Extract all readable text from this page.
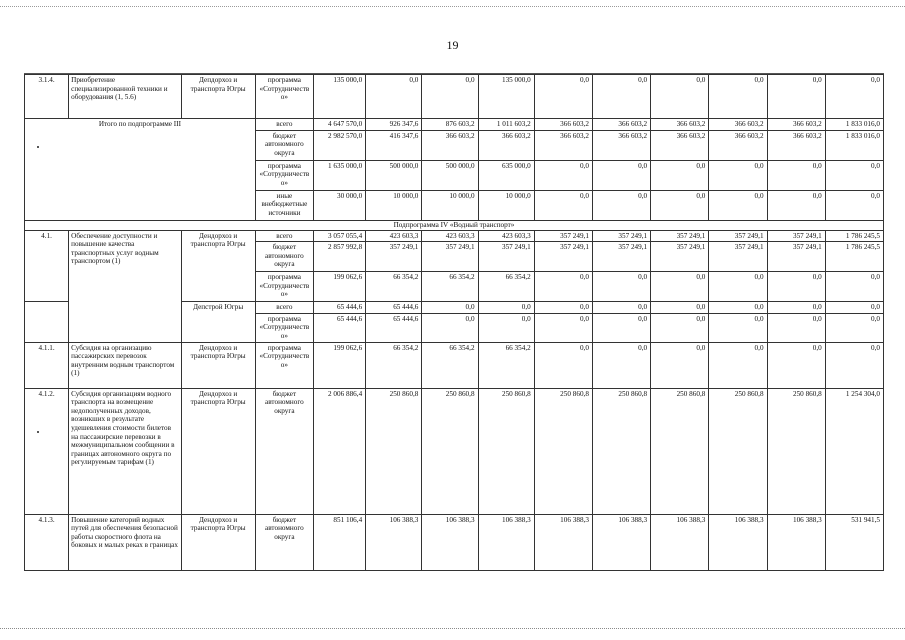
19
3.1.4.	Приобретение специализированной техники и оборудования (1, 5.6)	Депдорхоз и транспорта Югры	программа «Сотрудничество»	135 000,0	0,0	0,0	135 000,0	0,0	0,0	0,0	0,0	0,0	0,0
Итого по подпрограмме III			всего	4 647 570,0	926 347,6	876 603,2	1 011 603,2	366 603,2	366 603,2	366 603,2	366 603,2	366 603,2	1 833 016,0
			бюджет автономного округа	2 982 570,0	416 347,6	366 603,2	366 603,2	366 603,2	366 603,2	366 603,2	366 603,2	366 603,2	1 833 016,0
			программа «Сотрудничество»	1 635 000,0	500 000,0	500 000,0	635 000,0	0,0	0,0	0,0	0,0	0,0	0,0
			иные внебюджетные источники	30 000,0	10 000,0	10 000,0	10 000,0	0,0	0,0	0,0	0,0	0,0	0,0
Подпрограмма IV «Водный транспорт»													
4.1.	Обеспечение доступности и повышение качества транспортных услуг водным транспортом (1)	Дендорхоз и транспорта Югры	всего	3 057 055,4	423 603,3	423 603,3	423 603,3	357 249,1	357 249,1	357 249,1	357 249,1	357 249,1	1 786 245,5
			бюджет автономного округа	2 857 992,8	357 249,1	357 249,1	357 249,1	357 249,1	357 249,1	357 249,1	357 249,1	357 249,1	1 786 245,5
			программа «Сотрудничество»	199 062,6	66 354,2	66 354,2	66 354,2	0,0	0,0	0,0	0,0	0,0	0,0
		Депстрой Югры	всего	65 444,6	65 444,6	0,0	0,0	0,0	0,0	0,0	0,0	0,0	0,0
			программа «Сотрудничество»	65 444,6	65 444,6	0,0	0,0	0,0	0,0	0,0	0,0	0,0	0,0
4.1.1.	Субсидия на организацию пассажирских перевозок внутренним водным транспортом (1)	Дендорхоз и транспорта Югры	программа «Сотрудничество»	199 062,6	66 354,2	66 354,2	66 354,2	0,0	0,0	0,0	0,0	0,0	0,0
4.1.2.	Субсидия организациям водного транспорта на возмещение недополученных доходов, возникших в результате удешевления стоимости билетов на пассажирские перевозки в межмуниципальном сообщении в границах автономного округа по регулируемым тарифам (1)	Дендорхоз и транспорта Югры	бюджет автономного округа	2 006 886,4	250 860,8	250 860,8	250 860,8	250 860,8	250 860,8	250 860,8	250 860,8	250 860,8	1 254 304,0
4.1.3.	Повышение категорий водных путей для обеспечения безопасной работы скоростного флота на боковых и малых реках в границах	Дендорхоз и транспорта Югры	бюджет автономного округа	851 106,4	106 388,3	106 388,3	106 388,3	106 388,3	106 388,3	106 388,3	106 388,3	106 388,3	531 941,5
